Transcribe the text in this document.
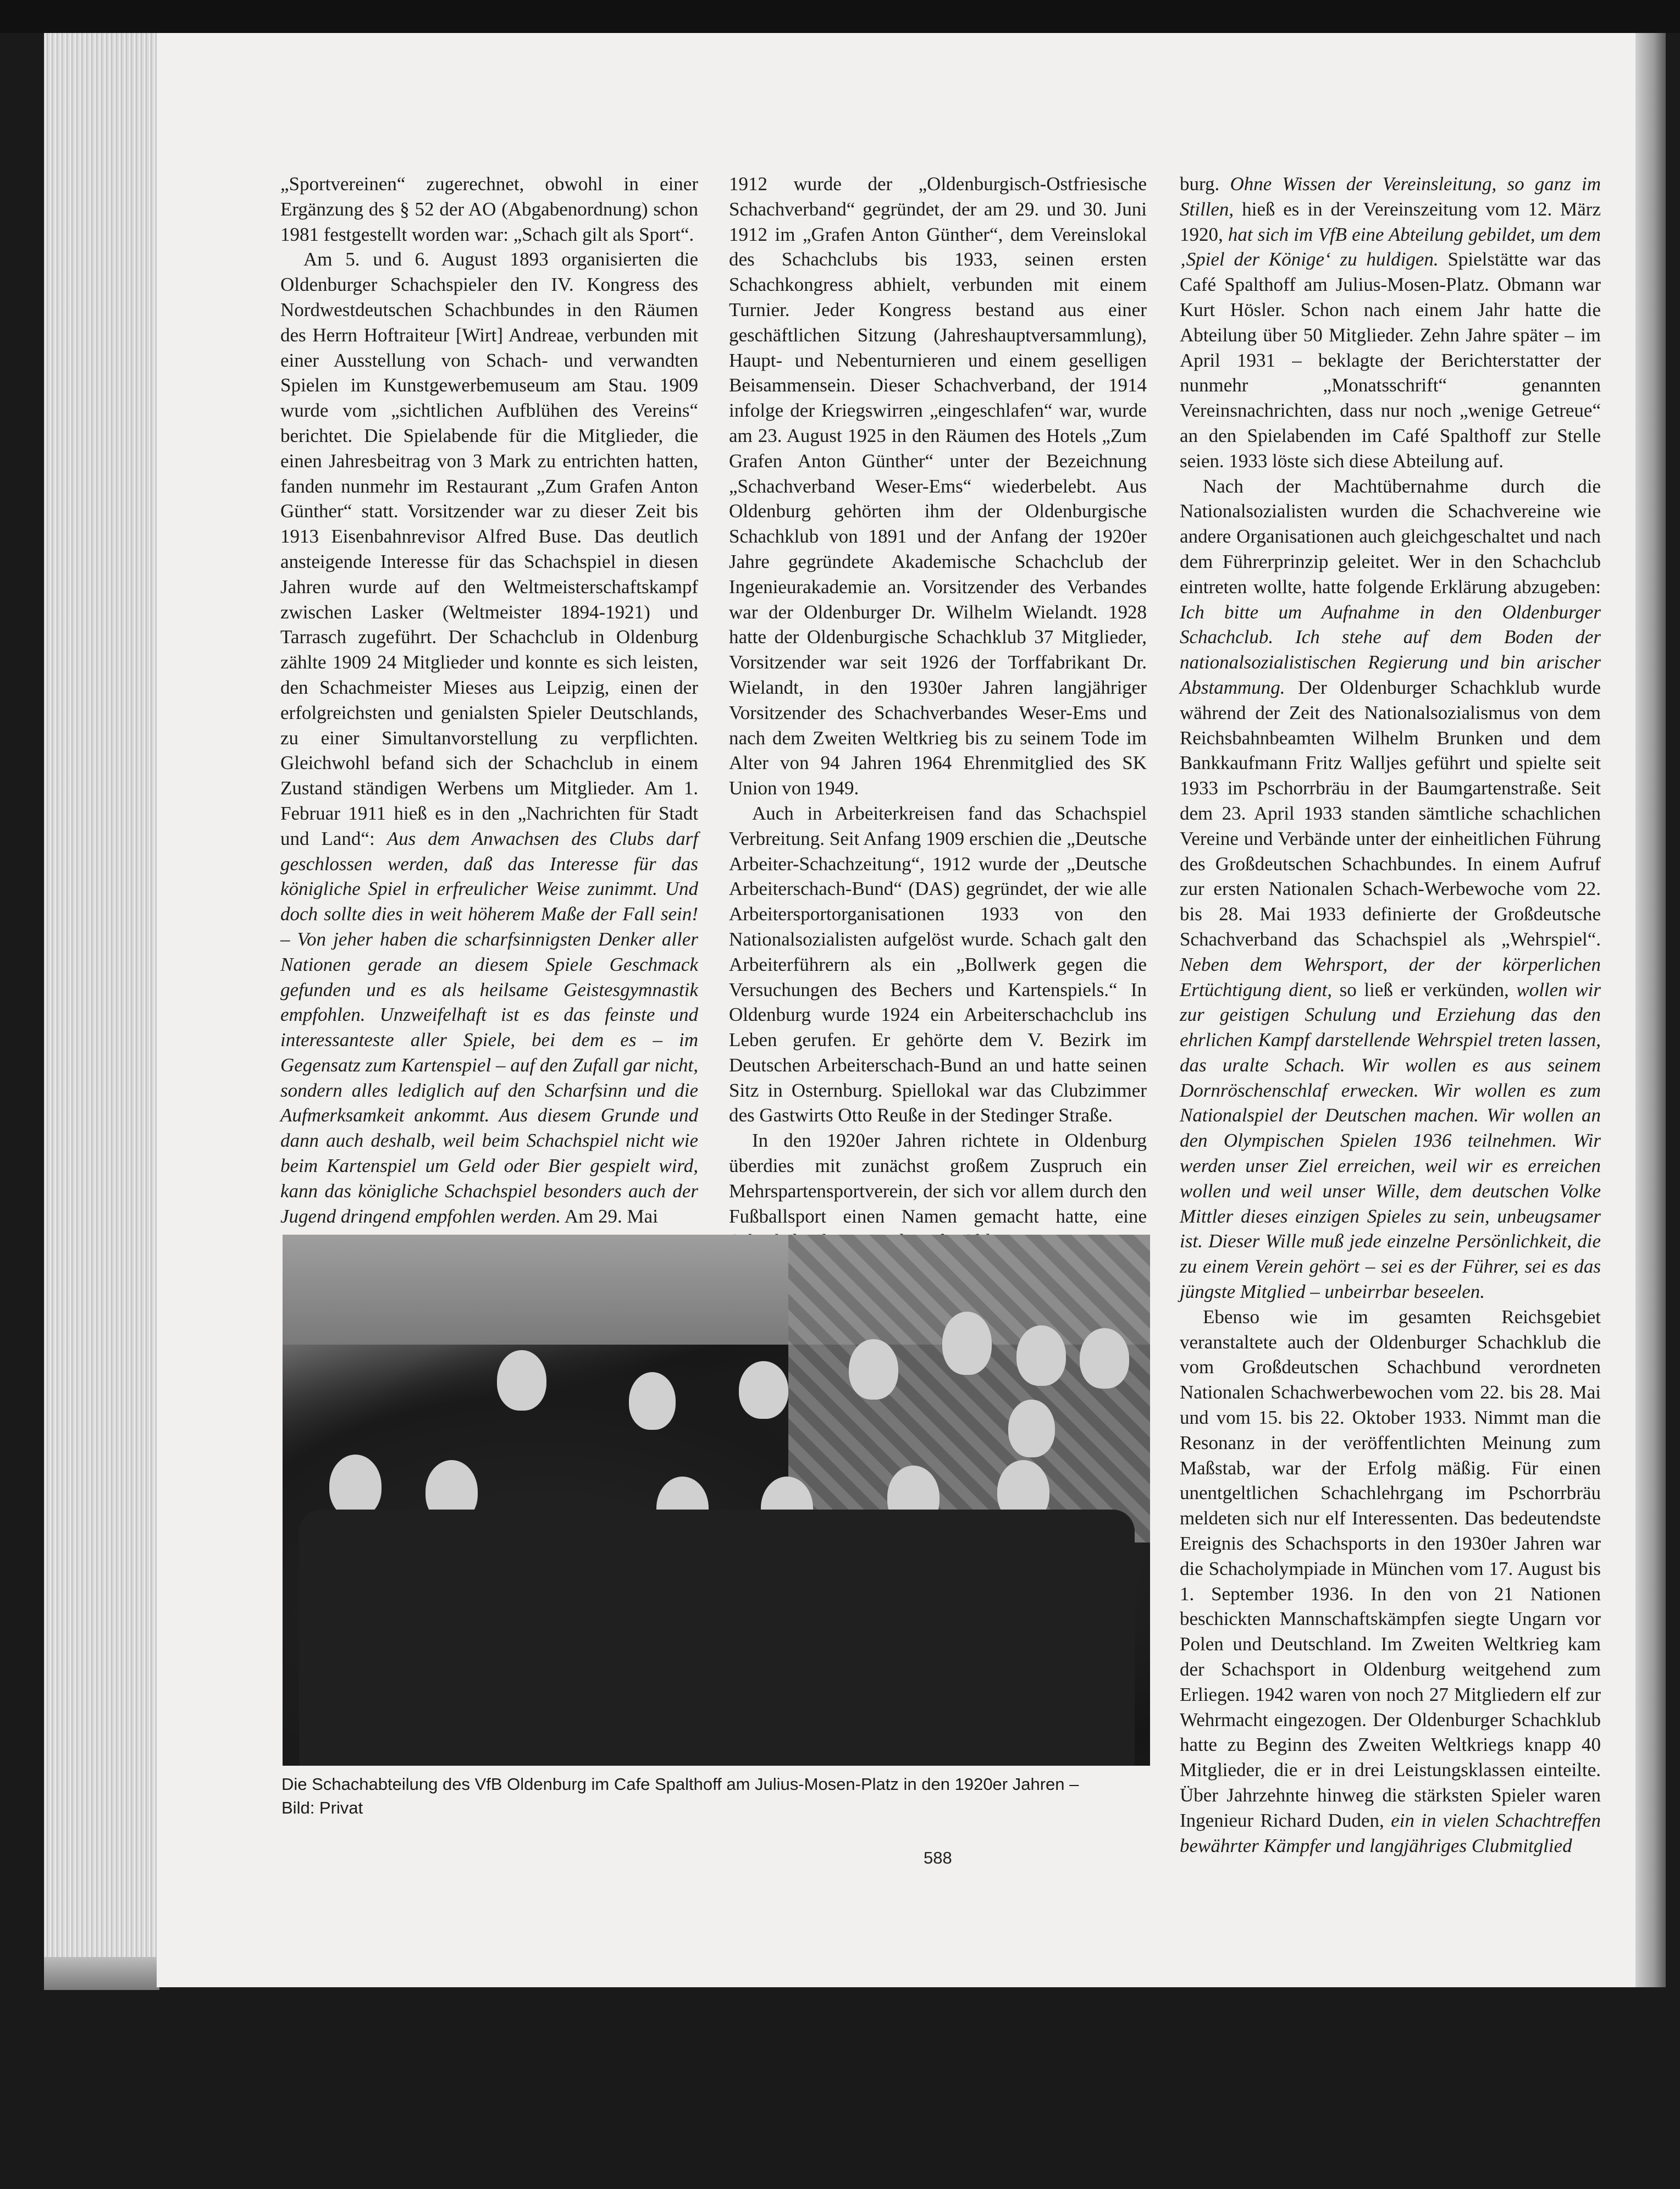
„Sportvereinen“ zugerechnet, obwohl in einer Ergänzung des § 52 der AO (Abgabenordnung) schon 1981 festgestellt worden war: „Schach gilt als Sport“.

Am 5. und 6. August 1893 organisierten die Oldenburger Schachspieler den IV. Kongress des Nordwestdeutschen Schachbundes in den Räumen des Herrn Hoftraiteur [Wirt] Andreae, verbunden mit einer Ausstellung von Schach- und verwandten Spielen im Kunstgewerbemuseum am Stau. 1909 wurde vom „sichtlichen Aufblühen des Vereins“ berichtet. Die Spielabende für die Mitglieder, die einen Jahresbeitrag von 3 Mark zu entrichten hatten, fanden nunmehr im Restaurant „Zum Grafen Anton Günther“ statt. Vorsitzender war zu dieser Zeit bis 1913 Eisenbahnrevisor Alfred Buse. Das deutlich ansteigende Interesse für das Schachspiel in diesen Jahren wurde auf den Weltmeisterschaftskampf zwischen Lasker (Weltmeister 1894-1921) und Tarrasch zugeführt. Der Schachclub in Oldenburg zählte 1909 24 Mitglieder und konnte es sich leisten, den Schachmeister Mieses aus Leipzig, einen der erfolgreichsten und genialsten Spieler Deutschlands, zu einer Simultanvorstellung zu verpflichten. Gleichwohl befand sich der Schachclub in einem Zustand ständigen Werbens um Mitglieder. Am 1. Februar 1911 hieß es in den „Nachrichten für Stadt und Land“: Aus dem Anwachsen des Clubs darf geschlossen werden, daß das Interesse für das königliche Spiel in erfreulicher Weise zunimmt. Und doch sollte dies in weit höherem Maße der Fall sein! – Von jeher haben die scharfsinnigsten Denker aller Nationen gerade an diesem Spiele Geschmack gefunden und es als heilsame Geistesgymnastik empfohlen. Unzweifelhaft ist es das feinste und interessanteste aller Spiele, bei dem es – im Gegensatz zum Kartenspiel – auf den Zufall gar nicht, sondern alles lediglich auf den Scharfsinn und die Aufmerksamkeit ankommt. Aus diesem Grunde und dann auch deshalb, weil beim Schachspiel nicht wie beim Kartenspiel um Geld oder Bier gespielt wird, kann das königliche Schachspiel besonders auch der Jugend dringend empfohlen werden. Am 29. Mai

1912 wurde der „Oldenburgisch-Ostfriesische Schachverband“ gegründet, der am 29. und 30. Juni 1912 im „Grafen Anton Günther“, dem Vereinslokal des Schachclubs bis 1933, seinen ersten Schachkongress abhielt, verbunden mit einem Turnier. Jeder Kongress bestand aus einer geschäftlichen Sitzung (Jahreshauptversammlung), Haupt- und Nebenturnieren und einem geselligen Beisammensein. Dieser Schachverband, der 1914 infolge der Kriegswirren „eingeschlafen“ war, wurde am 23. August 1925 in den Räumen des Hotels „Zum Grafen Anton Günther“ unter der Bezeichnung „Schachverband Weser-Ems“ wiederbelebt. Aus Oldenburg gehörten ihm der Oldenburgische Schachklub von 1891 und der Anfang der 1920er Jahre gegründete Akademische Schachclub der Ingenieurakademie an. Vorsitzender des Verbandes war der Oldenburger Dr. Wilhelm Wielandt. 1928 hatte der Oldenburgische Schachklub 37 Mitglieder, Vorsitzender war seit 1926 der Torffabrikant Dr. Wielandt, in den 1930er Jahren langjähriger Vorsitzender des Schachverbandes Weser-Ems und nach dem Zweiten Weltkrieg bis zu seinem Tode im Alter von 94 Jahren 1964 Ehrenmitglied des SK Union von 1949.

Auch in Arbeiterkreisen fand das Schachspiel Verbreitung. Seit Anfang 1909 erschien die „Deutsche Arbeiter-Schachzeitung“, 1912 wurde der „Deutsche Arbeiterschach-Bund“ (DAS) gegründet, der wie alle Arbeitersportorganisationen 1933 von den Nationalsozialisten aufgelöst wurde. Schach galt den Arbeiterführern als ein „Bollwerk gegen die Versuchungen des Bechers und Kartenspiels.“ In Oldenburg wurde 1924 ein Arbeiterschachclub ins Leben gerufen. Er gehörte dem V. Bezirk im Deutschen Arbeiterschach-Bund an und hatte seinen Sitz in Osternburg. Spiellokal war das Clubzimmer des Gastwirts Otto Reuße in der Stedinger Straße.

In den 1920er Jahren richtete in Oldenburg überdies mit zunächst großem Zuspruch ein Mehrspartensportverein, der sich vor allem durch den Fußballsport einen Namen gemacht hatte, eine

burg. Ohne Wissen der Vereinsleitung, so ganz im Stillen, hieß es in der Vereinszeitung vom 12. März 1920, hat sich im VfB eine Abteilung gebildet, um dem ‚Spiel der Könige‘ zu huldigen. Spielstätte war das Café Spalthoff am Julius-Mosen-Platz. Obmann war Kurt Hösler. Schon nach einem Jahr hatte die Abteilung über 50 Mitglieder. Zehn Jahre später – im April 1931 – beklagte der Berichterstatter der nunmehr „Monatsschrift“ genannten Vereinsnachrichten, dass nur noch „wenige Getreue“ an den Spielabenden im Café Spalthoff zur Stelle seien. 1933 löste sich diese Abteilung auf.

Nach der Machtübernahme durch die Nationalsozialisten wurden die Schachvereine wie andere Organisationen auch gleichgeschaltet und nach dem Führerprinzip geleitet. Wer in den Schachclub eintreten wollte, hatte folgende Erklärung abzugeben: Ich bitte um Aufnahme in den Oldenburger Schachclub. Ich stehe auf dem Boden der nationalsozialistischen Regierung und bin arischer Abstammung. Der Oldenburger Schachklub wurde während der Zeit des Nationalsozialismus von dem Reichsbahnbeamten Wilhelm Brunken und dem Bankkaufmann Fritz Walljes geführt und spielte seit 1933 im Pschorrbräu in der Baumgartenstraße. Seit dem 23. April 1933 standen sämtliche schachlichen Vereine und Verbände unter der einheitlichen Führung des Großdeutschen Schachbundes. In einem Aufruf zur ersten Nationalen Schach-Werbewoche vom 22. bis 28. Mai 1933 definierte der Großdeutsche Schachverband das Schachspiel als „Wehrspiel“. Neben dem Wehrsport, der der körperlichen Ertüchtigung dient, so ließ er verkünden, wollen wir zur geistigen Schulung und Erziehung das den ehrlichen Kampf darstellende Wehrspiel treten lassen, das uralte Schach. Wir wollen es aus seinem Dornröschenschlaf erwecken. Wir wollen es zum Nationalspiel der Deutschen machen. Wir wollen an den Olympischen Spielen 1936 teilnehmen. Wir werden unser Ziel erreichen, weil wir es erreichen wollen und weil unser Wille, dem deutschen Volke Mittler dieses einzigen Spieles zu sein, unbeugsamer ist. Dieser Wille muß jede einzelne Persönlichkeit, die zu einem Verein gehört – sei es der Führer, sei es das jüngste Mitglied – unbeirrbar beseelen.

Ebenso wie im gesamten Reichsgebiet veranstaltete auch der Oldenburger Schachklub die vom Großdeutschen Schachbund verordneten Nationalen Schachwerbewochen vom 22. bis 28. Mai und vom 15. bis 22. Oktober 1933. Nimmt man die Resonanz in der veröffentlichten Meinung zum Maßstab, war der Erfolg mäßig. Für einen unentgeltlichen Schachlehrgang im Pschorrbräu meldeten sich nur elf Interessenten. Das bedeutendste Ereignis des Schachsports in den 1930er Jahren war die Schacholympiade in München vom 17. August bis 1. September 1936. In den von 21 Nationen beschickten Mannschaftskämpfen siegte Ungarn vor Polen und Deutschland. Im Zweiten Weltkrieg kam der Schachsport in Oldenburg weitgehend zum Erliegen. 1942 waren von noch 27 Mitgliedern elf zur Wehrmacht eingezogen. Der Oldenburger Schachklub hatte zu Beginn des Zweiten Weltkriegs knapp 40 Mitglieder, die er in drei Leistungsklassen einteilte. Über Jahrzehnte hinweg die stärksten Spieler waren Ingenieur Richard Duden, ein in vielen Schachtreffen bewährter Kämpfer und langjähriges Clubmitglied

Die Schachabteilung des VfB Oldenburg im Cafe Spalthoff am Julius-Mosen-Platz in den 1920er Jahren –
Bild: Privat
588
